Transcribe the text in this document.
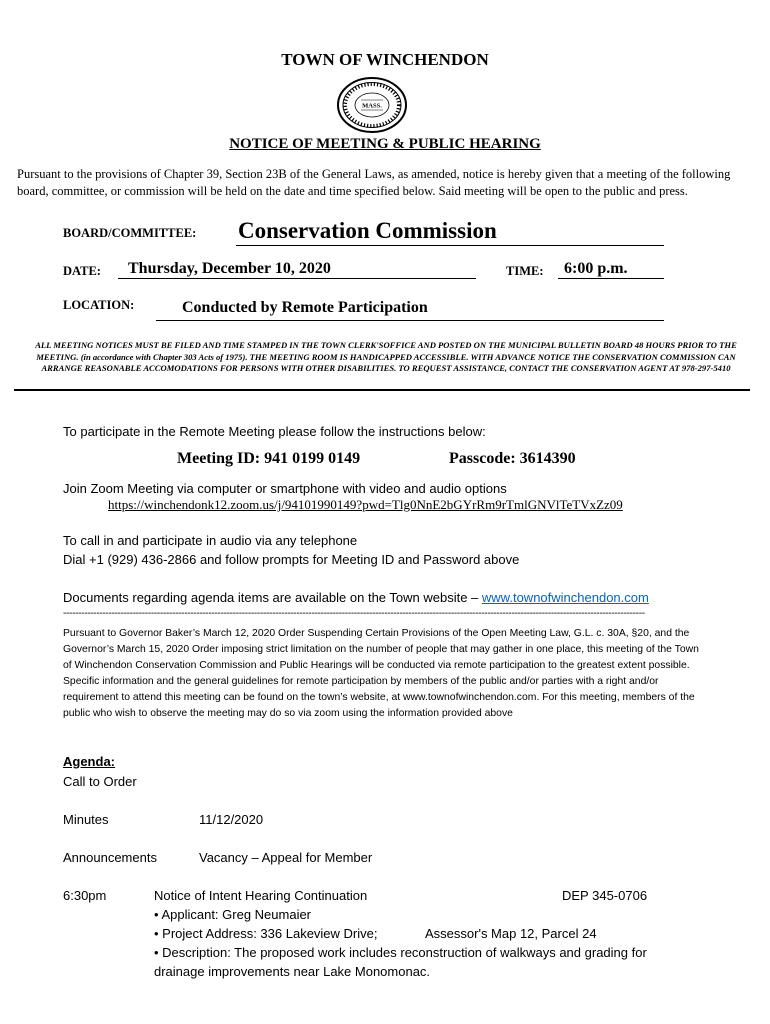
TOWN OF WINCHENDON
MASS.
NOTICE OF MEETING & PUBLIC HEARING
Pursuant to the provisions of Chapter 39, Section 23B of the General Laws, as amended, notice is hereby given that a meeting of the following board, committee, or commission will be held on the date and time specified below. Said meeting will be open to the public and press.
BOARD/COMMITTEE: Conservation Commission
DATE:	Thursday, December 10, 2020	TIME:	6:00 p.m.
LOCATION:	Conducted by Remote Participation
ALL MEETING NOTICES MUST BE FILED AND TIME STAMPED IN THE TOWN CLERK'SOFFICE AND POSTED ON THE MUNICIPAL BULLETIN BOARD 48 HOURS PRIOR TO THE MEETING. (in accordance with Chapter 303 Acts of 1975). THE MEETING ROOM IS HANDICAPPED ACCESSIBLE. WITH ADVANCE NOTICE THE CONSERVATION COMMISSION CAN ARRANGE REASONABLE ACCOMODATIONS FOR PERSONS WITH OTHER DISABILITIES. TO REQUEST ASSISTANCE, CONTACT THE CONSERVATION AGENT AT 978-297-5410
To participate in the Remote Meeting please follow the instructions below:
Meeting ID: 941 0199 0149	Passcode: 3614390
Join Zoom Meeting via computer or smartphone with video and audio options
https://winchendonk12.zoom.us/j/94101990149?pwd=Tlg0NnE2bGYrRm9rTmlGNVlTeTVxZz09
To call in and participate in audio via any telephone
Dial +1 (929) 436-2866 and follow prompts for Meeting ID and Password above
Documents regarding agenda items are available on the Town website – www.townofwinchendon.com
------------------------------------------------------------------------------------------------------------------------------------------------------------------------------------------------
Pursuant to Governor Baker’s March 12, 2020 Order Suspending Certain Provisions of the Open Meeting Law, G.L. c. 30A, §20, and the Governor’s March 15, 2020 Order imposing strict limitation on the number of people that may gather in one place, this meeting of the Town of Winchendon Conservation Commission and Public Hearings will be conducted via remote participation to the greatest extent possible. Specific information and the general guidelines for remote participation by members of the public and/or parties with a right and/or requirement to attend this meeting can be found on the town’s website, at www.townofwinchendon.com. For this meeting, members of the public who wish to observe the meeting may do so via zoom using the information provided above
Agenda:
Call to Order
Minutes	11/12/2020
Announcements	Vacancy – Appeal for Member
6:30pm	Notice of Intent Hearing Continuation	DEP 345-0706
• Applicant: Greg Neumaier
• Project Address: 336 Lakeview Drive;	Assessor's Map 12, Parcel 24
• Description: The proposed work includes reconstruction of walkways and grading for
drainage improvements near Lake Monomonac.
